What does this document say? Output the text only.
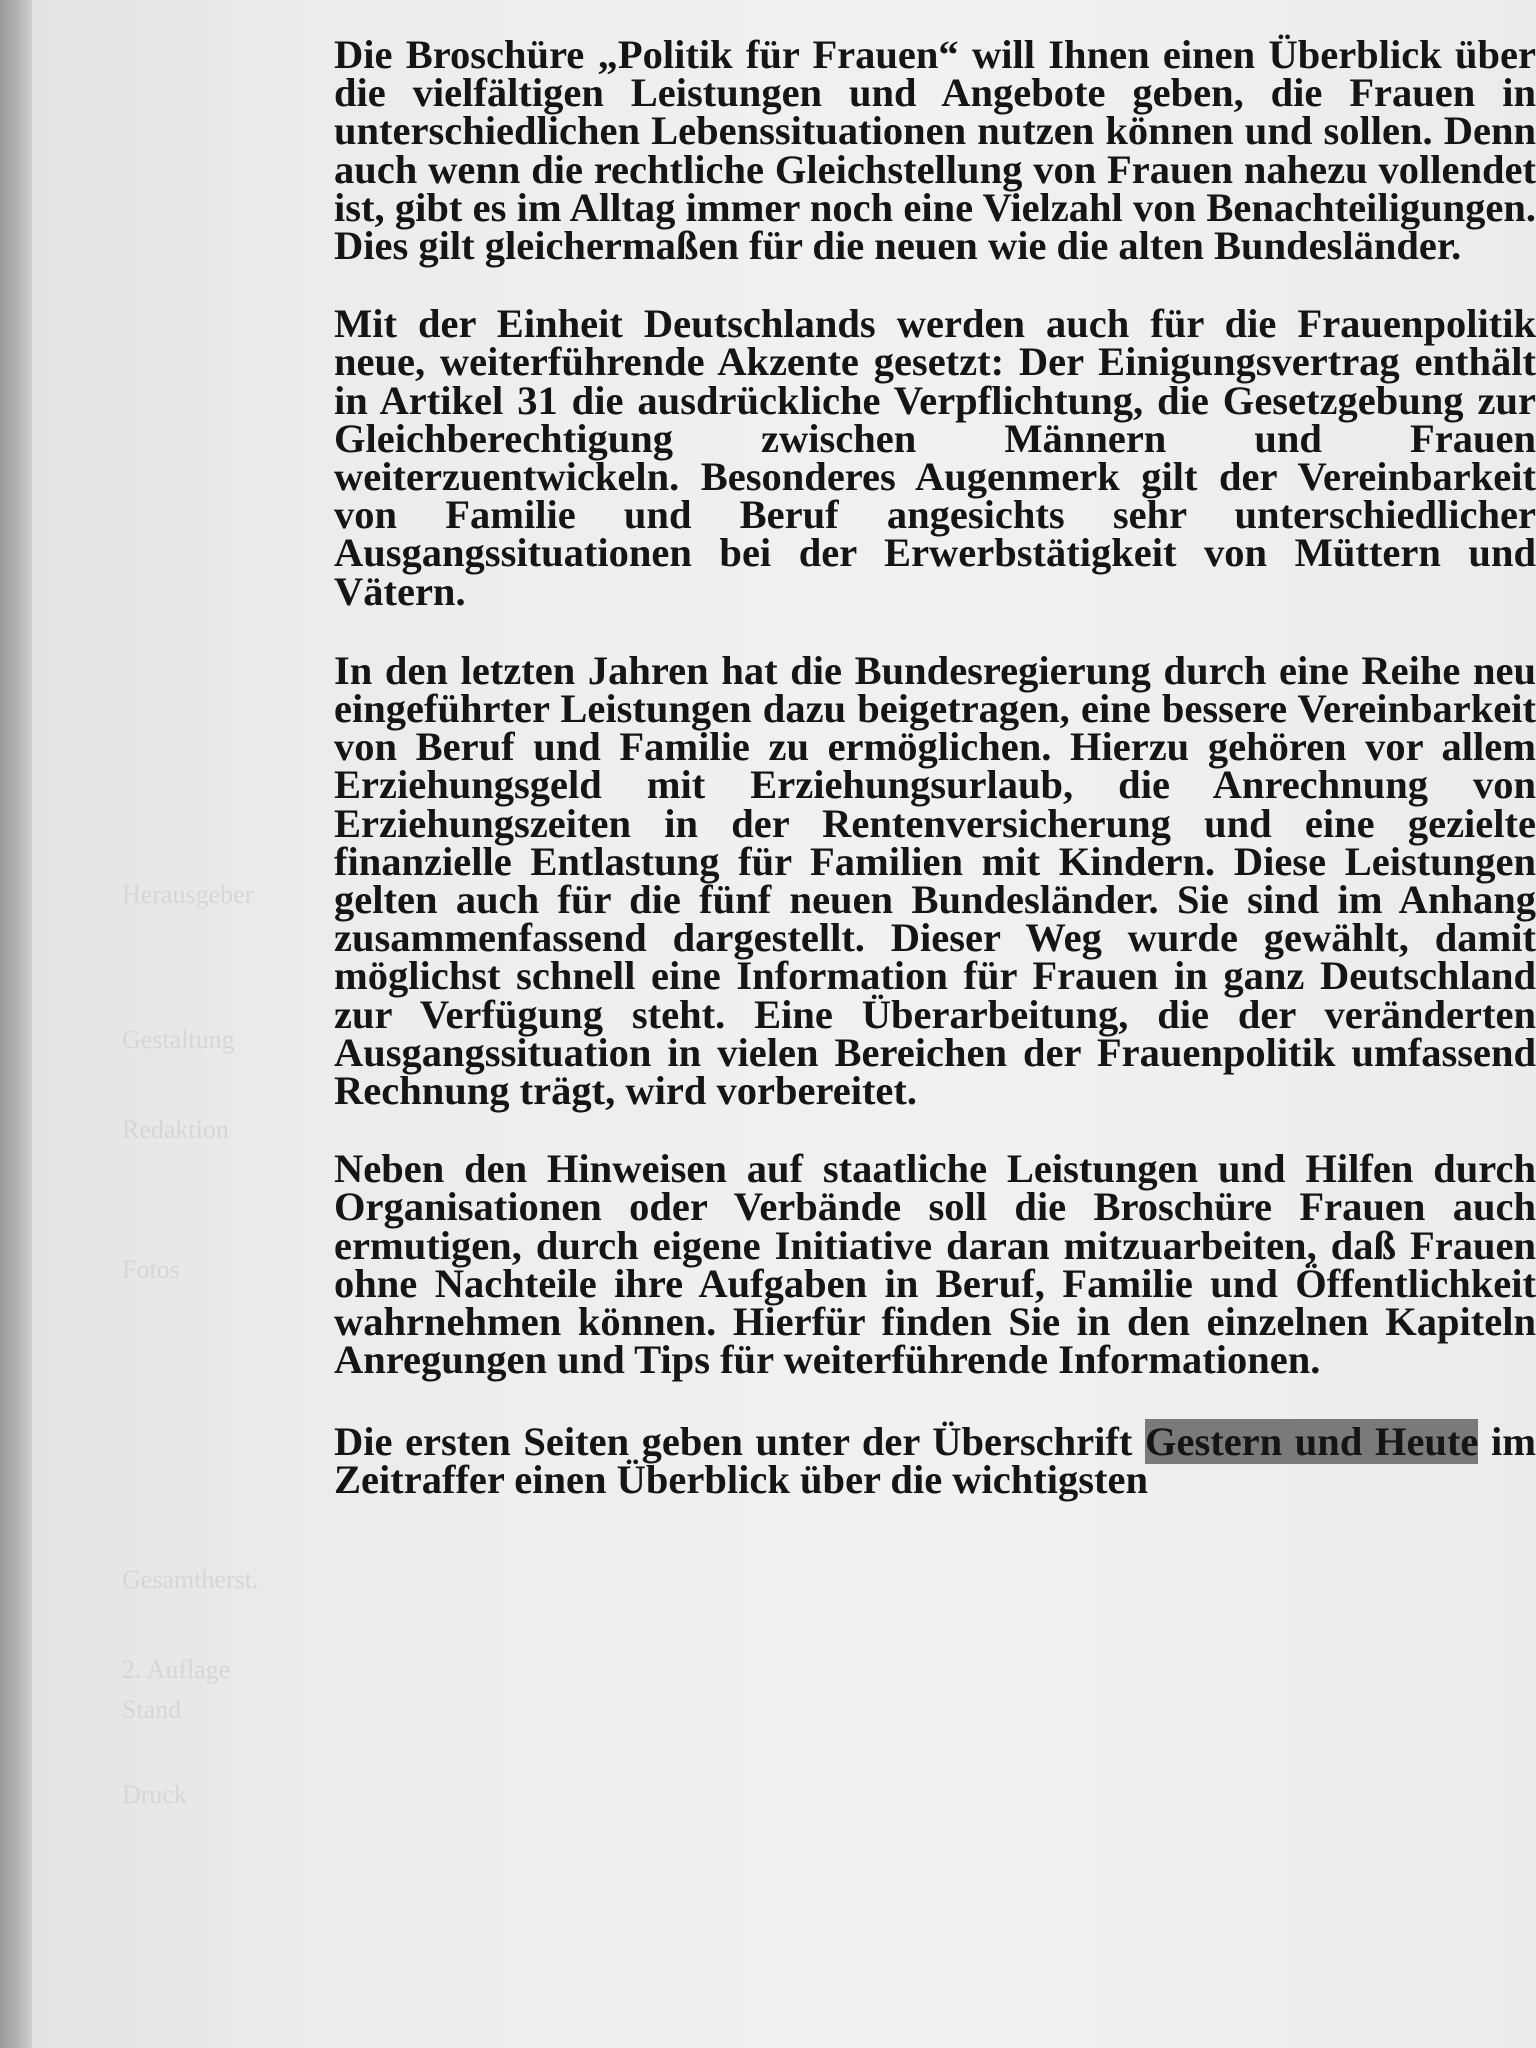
Herausgeber
Gestaltung
Redaktion
Fotos
Gesamtherst.
2. Auflage
Stand
Druck

Die Broschüre „Politik für Frauen“ will Ihnen einen Überblick über die vielfältigen Leistungen und Angebote geben, die Frauen in unterschiedlichen Lebenssituationen nutzen können und sollen. Denn auch wenn die rechtliche Gleichstellung von Frauen nahezu vollendet ist, gibt es im Alltag immer noch eine Vielzahl von Benachteiligungen. Dies gilt gleichermaßen für die neuen wie die alten Bundesländer.

Mit der Einheit Deutschlands werden auch für die Frauenpolitik neue, weiterführende Akzente gesetzt: Der Einigungsvertrag enthält in Artikel 31 die ausdrückliche Verpflichtung, die Gesetzgebung zur Gleichberechtigung zwischen Männern und Frauen weiterzuentwickeln. Besonderes Augenmerk gilt der Vereinbarkeit von Familie und Beruf angesichts sehr unterschiedlicher Ausgangssituationen bei der Erwerbstätigkeit von Müttern und Vätern.

In den letzten Jahren hat die Bundesregierung durch eine Reihe neu eingeführter Leistungen dazu beigetragen, eine bessere Vereinbarkeit von Beruf und Familie zu ermöglichen. Hierzu gehören vor allem Erziehungsgeld mit Erziehungsurlaub, die Anrechnung von Erziehungszeiten in der Rentenversicherung und eine gezielte finanzielle Entlastung für Familien mit Kindern. Diese Leistungen gelten auch für die fünf neuen Bundesländer. Sie sind im Anhang zusammenfassend dargestellt. Dieser Weg wurde gewählt, damit möglichst schnell eine Information für Frauen in ganz Deutschland zur Verfügung steht. Eine Überarbeitung, die der veränderten Ausgangssituation in vielen Bereichen der Frauenpolitik umfassend Rechnung trägt, wird vorbereitet.

Neben den Hinweisen auf staatliche Leistungen und Hilfen durch Organisationen oder Verbände soll die Broschüre Frauen auch ermutigen, durch eigene Initiative daran mitzuarbeiten, daß Frauen ohne Nachteile ihre Aufgaben in Beruf, Familie und Öffentlichkeit wahrnehmen können. Hierfür finden Sie in den einzelnen Kapiteln Anregungen und Tips für weiterführende Informationen.

Die ersten Seiten geben unter der Überschrift Gestern und Heute im Zeitraffer einen Überblick über die wichtigsten
